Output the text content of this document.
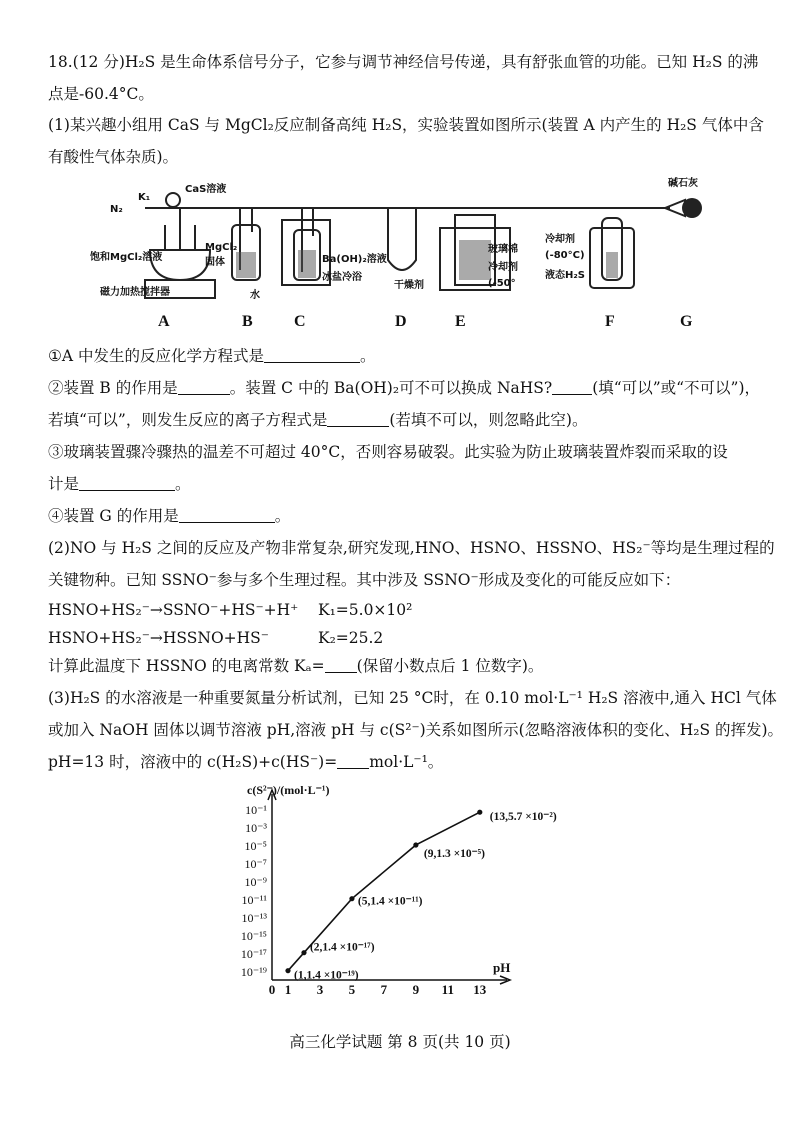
18.(12 分)H₂S 是生命体系信号分子，它参与调节神经信号传递，具有舒张血管的功能。已知 H₂S 的沸
点是-60.4°C。
(1)某兴趣小组用 CaS 与 MgCl₂反应制备高纯 H₂S，实验装置如图所示(装置 A 内产生的 H₂S 气体中含
有酸性气体杂质)。
N₂
K₁
CaS溶液
饱和MgCl₂溶液
MgCl₂
固体
磁力加热搅拌器	水
Ba(OH)₂溶液
冰盐冷浴
干燥剂
玻璃棉
冷却剂
(-50°
冷却剂
(-80°C)
液态H₂S
碱石灰
A	B	C	D	E	F	G
①A 中发生的反应化学方程式是	。
②装置 B 的作用是	。装置 C 中的 Ba(OH)₂可不可以换成 NaHS?	(填“可以”或“不可以”)，
若填“可以”，则发生反应的离子方程式是	(若填不可以，则忽略此空)。
③玻璃装置骤冷骤热的温差不可超过 40°C，否则容易破裂。此实验为防止玻璃装置炸裂而采取的设
计是	。
④装置 G 的作用是	。
(2)NO 与 H₂S 之间的反应及产物非常复杂,研究发现,HNO、HSNO、HSSNO、HS₂⁻等均是生理过程的
关键物种。已知 SSNO⁻参与多个生理过程。其中涉及 SSNO⁻形成及变化的可能反应如下：
HSNO+HS₂⁻→SSNO⁻+HS⁻+H⁺ K₁=5.0×10²
HSNO+HS₂⁻→HSSNO+HS⁻	K₂=25.2
计算此温度下 HSSNO 的电离常数 Kₐ= (保留小数点后 1 位数字)。
(3)H₂S 的水溶液是一种重要氮量分析试剂，已知 25 °C时，在 0.10 mol·L⁻¹ H₂S 溶液中,通入 HCl 气体
或加入 NaOH 固体以调节溶液 pH,溶液 pH 与 c(S²⁻)关系如图所示(忽略溶液体积的变化、H₂S 的挥发)。
pH=13 时，溶液中的 c(H₂S)+c(HS⁻)= mol·L⁻¹。
c(S²⁻)/(mol·L⁻¹)
pH
0 1 3 5 7 9 11 13
10⁻¹
10⁻³
10⁻⁵
10⁻⁷
10⁻⁹
10⁻¹¹
10⁻¹³
10⁻¹⁵
10⁻¹⁷
10⁻¹⁹ (1,1.4 ×10⁻¹⁹)
(2,1.4 ×10⁻¹⁷)
(5,1.4 ×10⁻¹¹)
(9,1.3 ×10⁻⁵)
(13,5.7 ×10⁻²)
高三化学试题 第 8 页(共 10 页)
